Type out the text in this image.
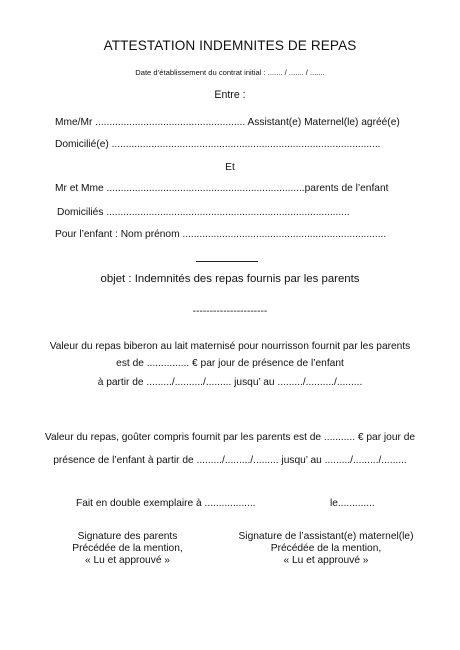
ATTESTATION INDEMNITES DE REPAS
Date d’établissement du contrat initial : ....... / ....... / .......
Entre :
Mme/Mr ..................................................... Assistant(e) Maternel(le) agréé(e)
Domicilié(e) ...............................................................................................
Et
Mr et Mme ......................................................................parents de l’enfant
Domiciliés ......................................................................................
Pour l’enfant : Nom prénom ........................................................................
objet : Indemnités des repas fournis par les parents
----------------------
Valeur du repas biberon au lait maternisé pour nourrisson fournit par les parents
est de ............... € par jour de présence de l’enfant
à partir de ........./........../......... jusqu’ au ........./........../.........
Valeur du repas, goûter compris fournit par les parents est de ........... € par jour de
présence de l’enfant à partir de ........./........./......... jusqu’ au ........./........./.........
Fait en double exemplaire à ..................	le.............
Signature des parents
Précédée de la mention,
« Lu et approuvé »
Signature de l’assistant(e) maternel(le)
Précédée de la mention,
« Lu et approuvé »
